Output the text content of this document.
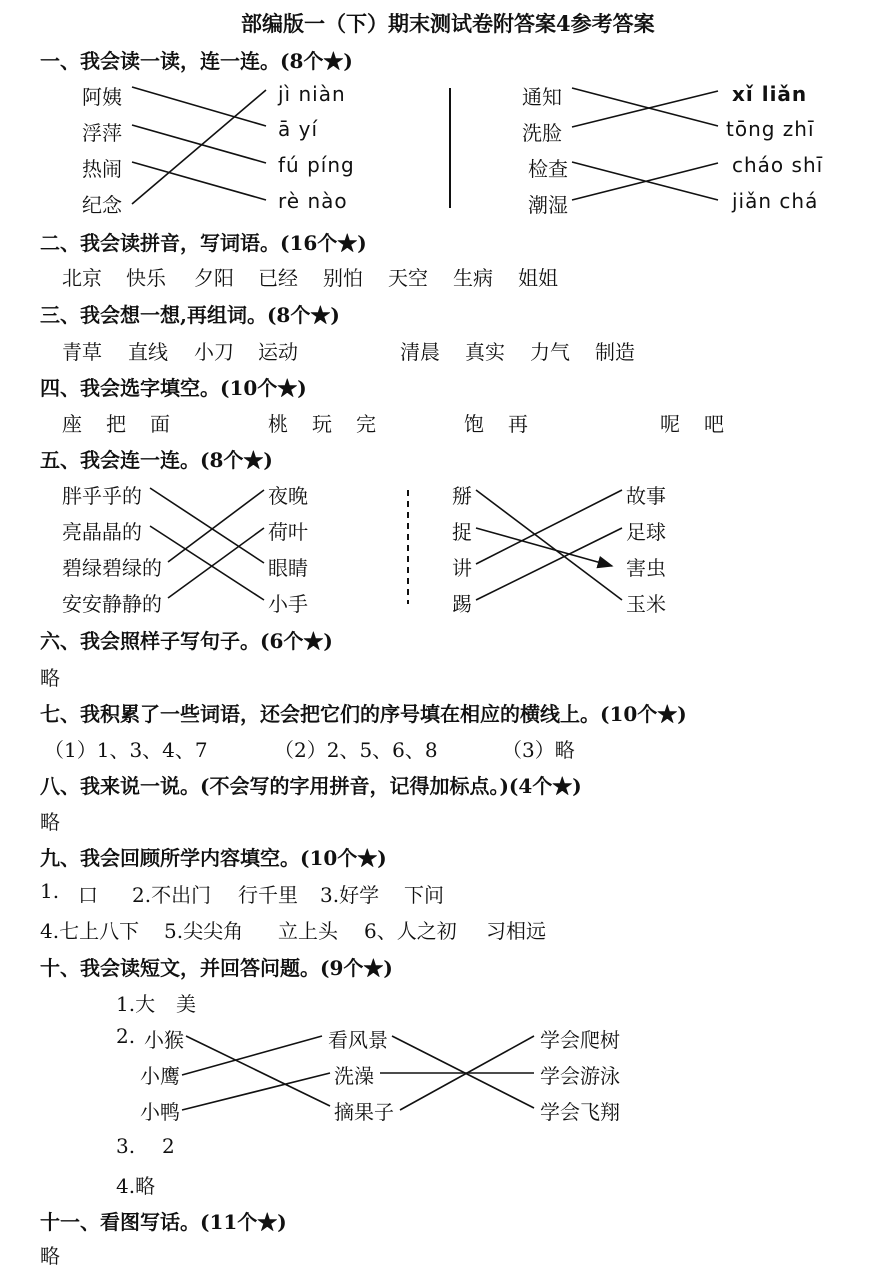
部编版一（下）期末测试卷附答案4参考答案
一、我会读一读，连一连。(8个★)
阿姨
浮萍
热闹
纪念
jì niàn
ā yí
fú píng
rè nào
通知
洗脸
检查
潮湿
xǐ liǎn
tōng zhī
cháo shī
jiǎn chá
二、我会读拼音，写词语。(16个★)
北京 快乐 夕阳 已经 别怕 天空 生病 姐姐
三、我会想一想,再组词。(8个★)
青草 直线 小刀 运动	清晨 真实 力气 制造
四、我会选字填空。(10个★)
座 把 面	桃 玩 完	饱 再	呢 吧
五、我会连一连。(8个★)
胖乎乎的
亮晶晶的
碧绿碧绿的
安安静静的
夜晚
荷叶
眼睛
小手
掰
捉
讲
踢
故事
足球
害虫
玉米
六、我会照样子写句子。(6个★)
略
七、我积累了一些词语，还会把它们的序号填在相应的横线上。(10个★)
（1）1、3、4、7	（2）2、5、6、8	（3）略
八、我来说一说。(不会写的字用拼音，记得加标点。)(4个★)
略
九、我会回顾所学内容填空。(10个★)
1. 口 2.不出门 行千里 3.好学 下问
4.七上八下 5.尖尖角 立上头 6、人之初 习相远
十、我会读短文，并回答问题。(9个★)
1.大 美
2. 小猴
小鹰
小鸭
看风景
洗澡
摘果子
学会爬树
学会游泳
学会飞翔
3. 2
4.略
十一、看图写话。(11个★)
略
